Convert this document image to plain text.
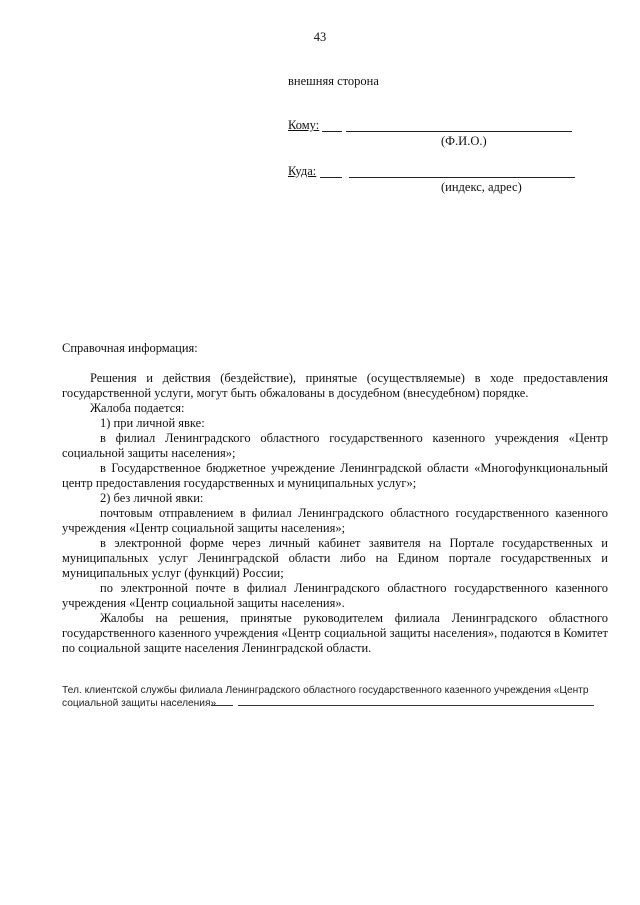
43
внешняя сторона
Кому:
(Ф.И.О.)
Куда:
(индекс, адрес)
Справочная информация:

Решения и действия (бездействие), принятые (осуществляемые) в ходе предоставления государственной услуги, могут быть обжалованы в досудебном (внесудебном) порядке.

Жалоба подается:

1) при личной явке:

в филиал Ленинградского областного государственного казенного учреждения «Центр социальной защиты населения»;

в Государственное бюджетное учреждение Ленинградской области «Многофункциональный центр предоставления государственных и муниципальных услуг»;

2) без личной явки:

почтовым отправлением в филиал Ленинградского областного государственного казенного учреждения «Центр социальной защиты населения»;

в электронной форме через личный кабинет заявителя на Портале государственных и муниципальных услуг Ленинградской области либо на Едином портале государственных и муниципальных услуг (функций) России;

по электронной почте в филиал Ленинградского областного государственного казенного учреждения «Центр социальной защиты населения».

Жалобы на решения, принятые руководителем филиала Ленинградского областного государственного казенного учреждения «Центр социальной защиты населения», подаются в Комитет по социальной защите населения Ленинградской области.

Тел. клиентской службы филиала Ленинградского областного государственного казенного учреждения «Центр социальной защиты населения»
